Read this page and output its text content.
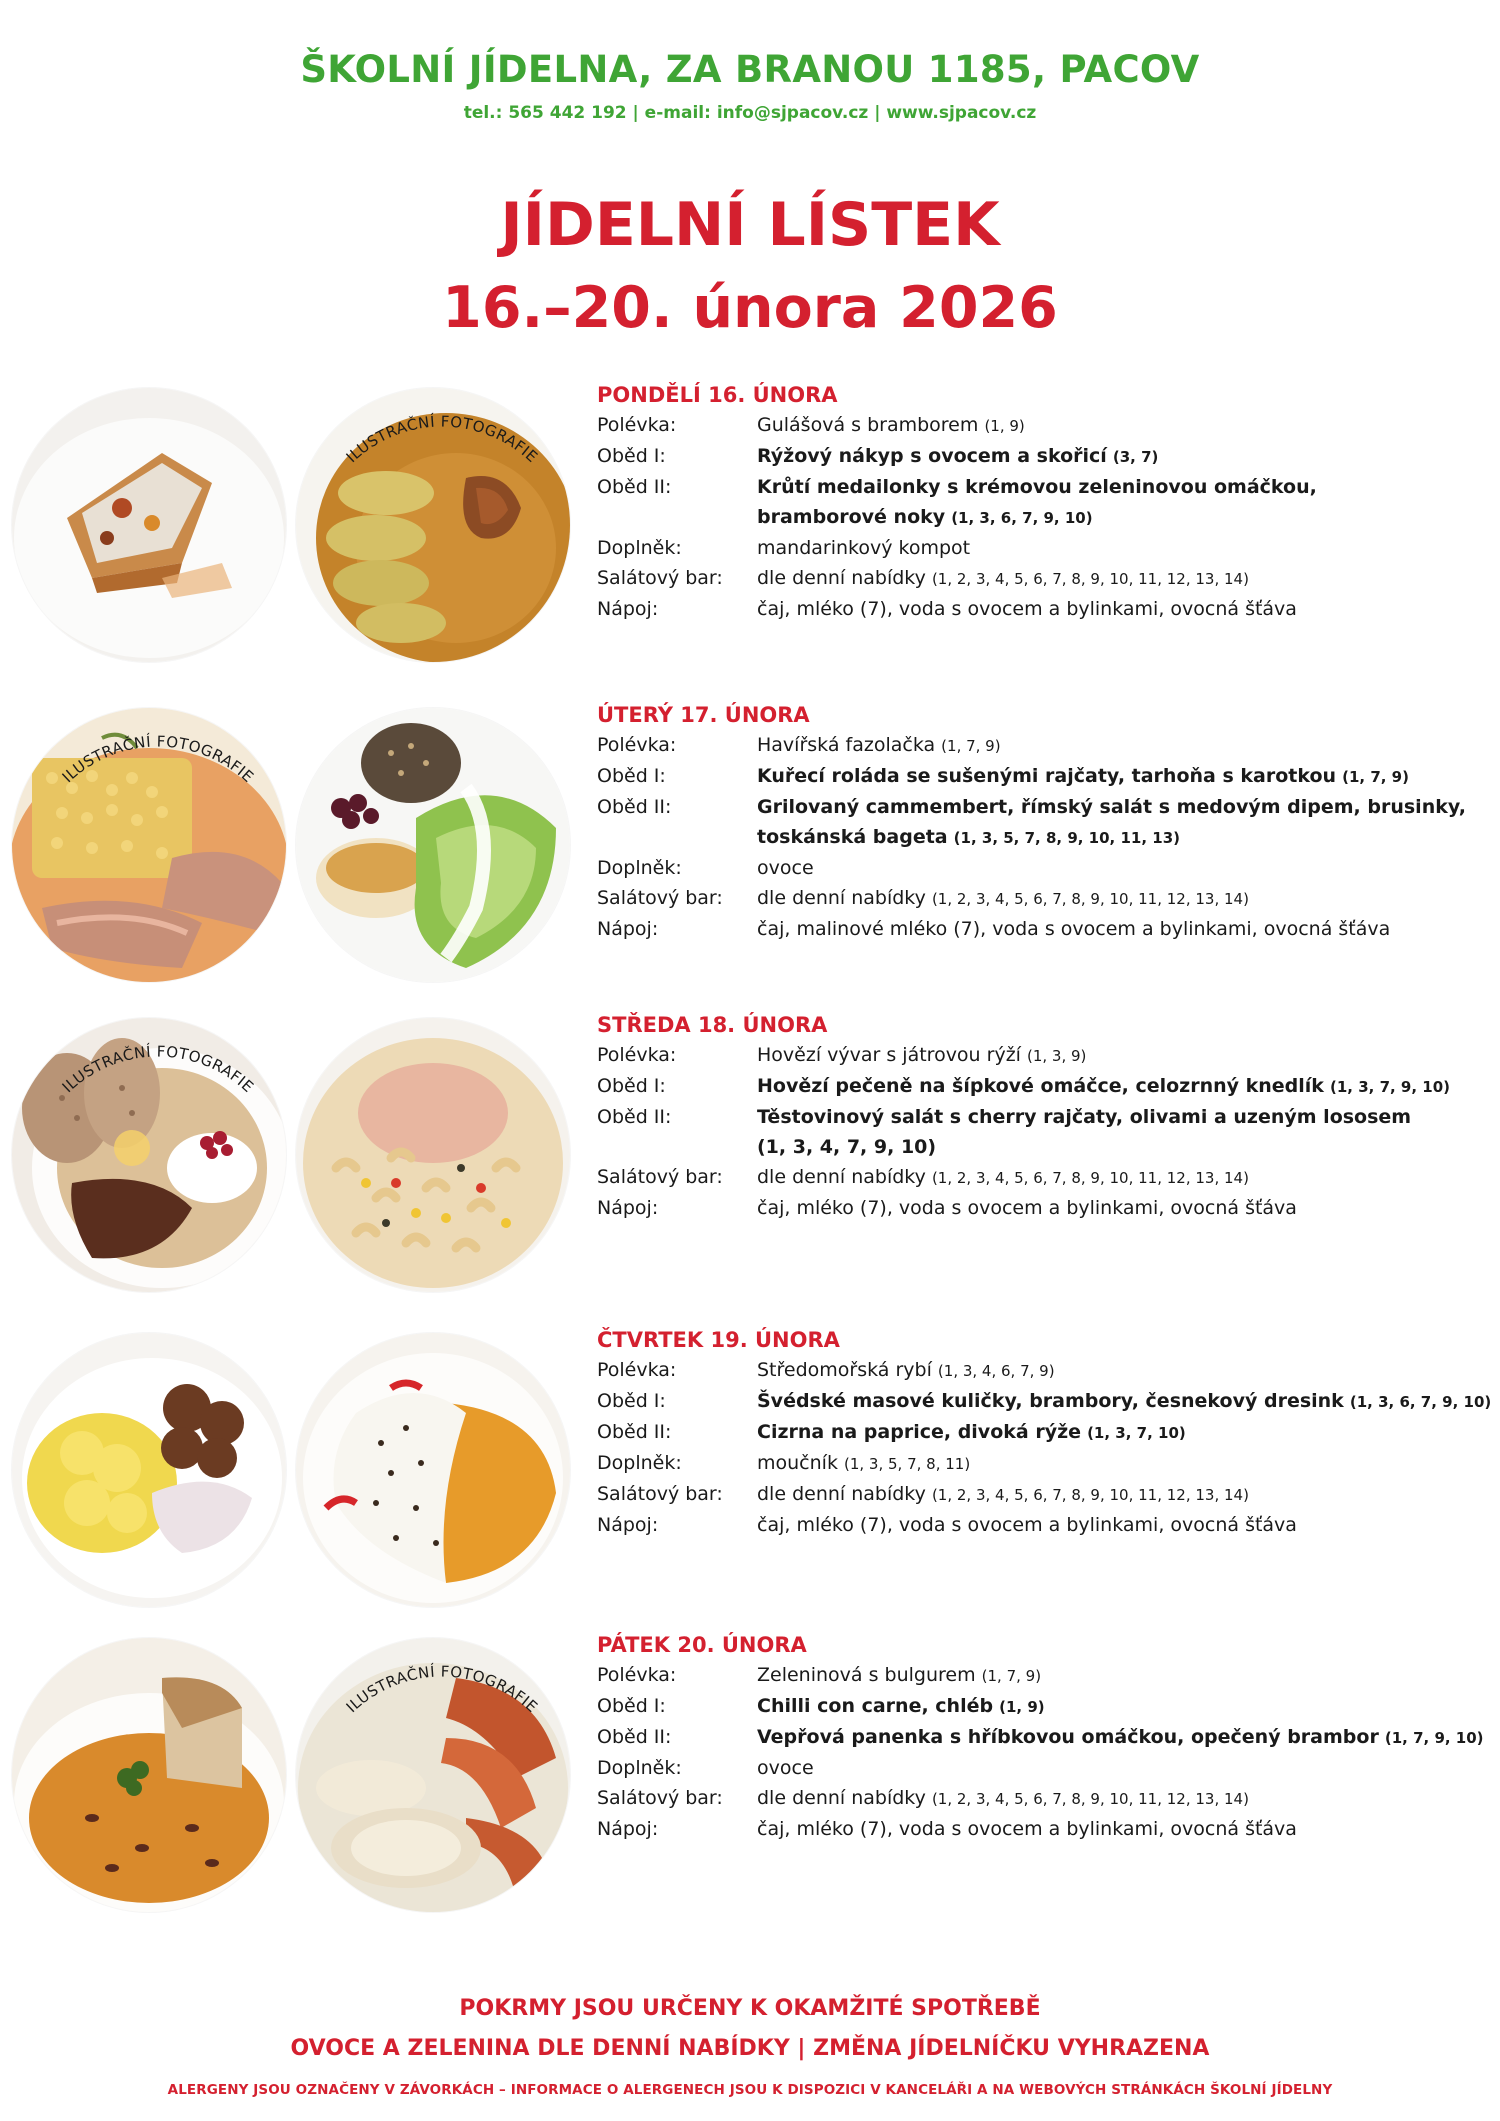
ŠKOLNÍ JÍDELNA, ZA BRANOU 1185, PACOV
tel.: 565 442 192 | e-mail: info@sjpacov.cz | www.sjpacov.cz
JÍDELNÍ LÍSTEK
16.–20. února 2026
ILUSTRAČNÍ FOTOGRAFIE
PONDĚLÍ 16. ÚNORA
Polévka:	Gulášová s bramborem (1, 9)
Oběd I:	Rýžový nákyp s ovocem a skořicí (3, 7)
Oběd II:	Krůtí medailonky s krémovou zeleninovou omáčkou,
bramborové noky (1, 3, 6, 7, 9, 10)
Doplněk:	mandarinkový kompot
Salátový bar:	dle denní nabídky (1, 2, 3, 4, 5, 6, 7, 8, 9, 10, 11, 12, 13, 14)
Nápoj:	čaj, mléko (7), voda s ovocem a bylinkami, ovocná šťáva
ILUSTRAČNÍ FOTOGRAFIE
ÚTERÝ 17. ÚNORA
Polévka:	Havířská fazolačka (1, 7, 9)
Oběd I:	Kuřecí roláda se sušenými rajčaty, tarhoňa s karotkou (1, 7, 9)
Oběd II:	Grilovaný cammembert, římský salát s medovým dipem, brusinky,
toskánská bageta (1, 3, 5, 7, 8, 9, 10, 11, 13)
Doplněk:	ovoce
Salátový bar:	dle denní nabídky (1, 2, 3, 4, 5, 6, 7, 8, 9, 10, 11, 12, 13, 14)
Nápoj:	čaj, malinové mléko (7), voda s ovocem a bylinkami, ovocná šťáva
ILUSTRAČNÍ FOTOGRAFIE
STŘEDA 18. ÚNORA
Polévka:	Hovězí vývar s játrovou rýží (1, 3, 9)
Oběd I:	Hovězí pečeně na šípkové omáčce, celozrnný knedlík (1, 3, 7, 9, 10)
Oběd II:	Těstovinový salát s cherry rajčaty, olivami a uzeným lososem
(1, 3, 4, 7, 9, 10)
Salátový bar:	dle denní nabídky (1, 2, 3, 4, 5, 6, 7, 8, 9, 10, 11, 12, 13, 14)
Nápoj:	čaj, mléko (7), voda s ovocem a bylinkami, ovocná šťáva
ČTVRTEK 19. ÚNORA
Polévka:	Středomořská rybí (1, 3, 4, 6, 7, 9)
Oběd I:	Švédské masové kuličky, brambory, česnekový dresink (1, 3, 6, 7, 9, 10)
Oběd II:	Cizrna na paprice, divoká rýže (1, 3, 7, 10)
Doplněk:	moučník (1, 3, 5, 7, 8, 11)
Salátový bar:	dle denní nabídky (1, 2, 3, 4, 5, 6, 7, 8, 9, 10, 11, 12, 13, 14)
Nápoj:	čaj, mléko (7), voda s ovocem a bylinkami, ovocná šťáva
ILUSTRAČNÍ FOTOGRAFIE
PÁTEK 20. ÚNORA
Polévka:	Zeleninová s bulgurem (1, 7, 9)
Oběd I:	Chilli con carne, chléb (1, 9)
Oběd II:	Vepřová panenka s hříbkovou omáčkou, opečený brambor (1, 7, 9, 10)
Doplněk:	ovoce
Salátový bar:	dle denní nabídky (1, 2, 3, 4, 5, 6, 7, 8, 9, 10, 11, 12, 13, 14)
Nápoj:	čaj, mléko (7), voda s ovocem a bylinkami, ovocná šťáva
POKRMY JSOU URČENY K OKAMŽITÉ SPOTŘEBĚ
OVOCE A ZELENINA DLE DENNÍ NABÍDKY | ZMĚNA JÍDELNÍČKU VYHRAZENA
ALERGENY JSOU OZNAČENY V ZÁVORKÁCH – INFORMACE O ALERGENECH JSOU K DISPOZICI V KANCELÁŘI A NA WEBOVÝCH STRÁNKÁCH ŠKOLNÍ JÍDELNY
